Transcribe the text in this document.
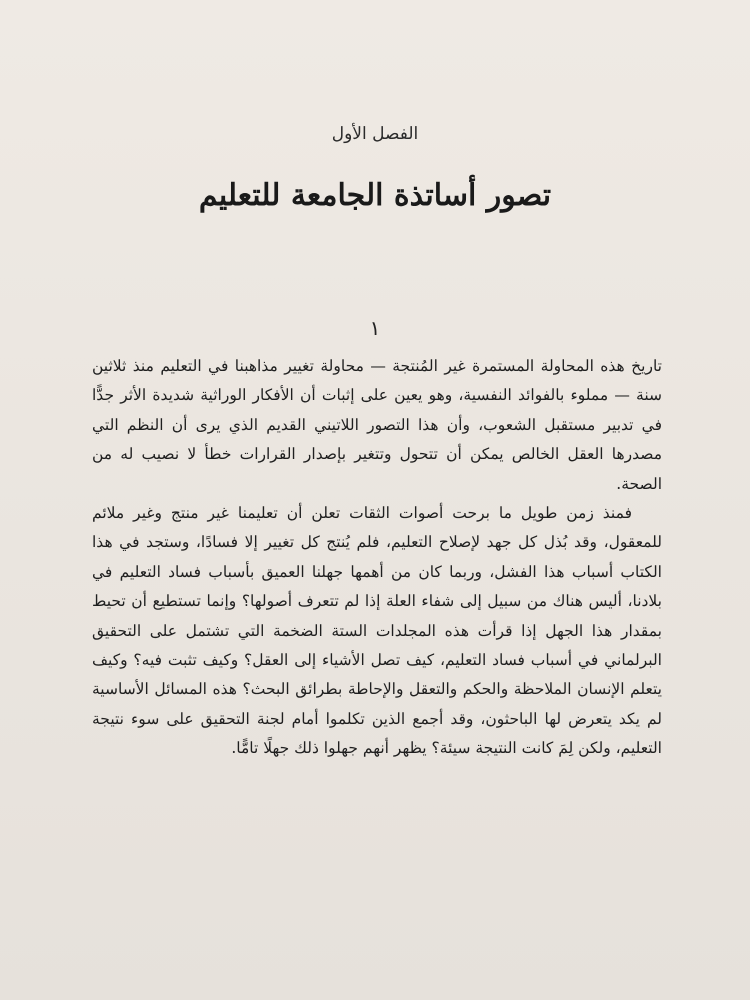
الفصل الأول
تصور أساتذة الجامعة للتعليم
١

تاريخ هذه المحاولة المستمرة غير المُنتجة — محاولة تغيير مذاهبنا في التعليم منذ ثلاثين سنة — مملوء بالفوائد النفسية، وهو يعين على إثبات أن الأفكار الوراثية شديدة الأثر جدًّا في تدبير مستقبل الشعوب، وأن هذا التصور اللاتيني القديم الذي يرى أن النظم التي مصدرها العقل الخالص يمكن أن تتحول وتتغير بإصدار القرارات خطأ لا نصيب له من الصحة.

فمنذ زمن طويل ما برحت أصوات الثقات تعلن أن تعليمنا غير منتج وغير ملائم للمعقول، وقد بُذل كل جهد لإصلاح التعليم، فلم يُنتج كل تغيير إلا فسادًا، وستجد في هذا الكتاب أسباب هذا الفشل، وربما كان من أهمها جهلنا العميق بأسباب فساد التعليم في بلادنا، أليس هناك من سبيل إلى شفاء العلة إذا لم تتعرف أصولها؟ وإنما تستطيع أن تحيط بمقدار هذا الجهل إذا قرأت هذه المجلدات الستة الضخمة التي تشتمل على التحقيق البرلماني في أسباب فساد التعليم، كيف تصل الأشياء إلى العقل؟ وكيف تثبت فيه؟ وكيف يتعلم الإنسان الملاحظة والحكم والتعقل والإحاطة بطرائق البحث؟ هذه المسائل الأساسية لم يكد يتعرض لها الباحثون، وقد أجمع الذين تكلموا أمام لجنة التحقيق على سوء نتيجة التعليم، ولكن لِمَ كانت النتيجة سيئة؟ يظهر أنهم جهلوا ذلك جهلًا تامًّا.
